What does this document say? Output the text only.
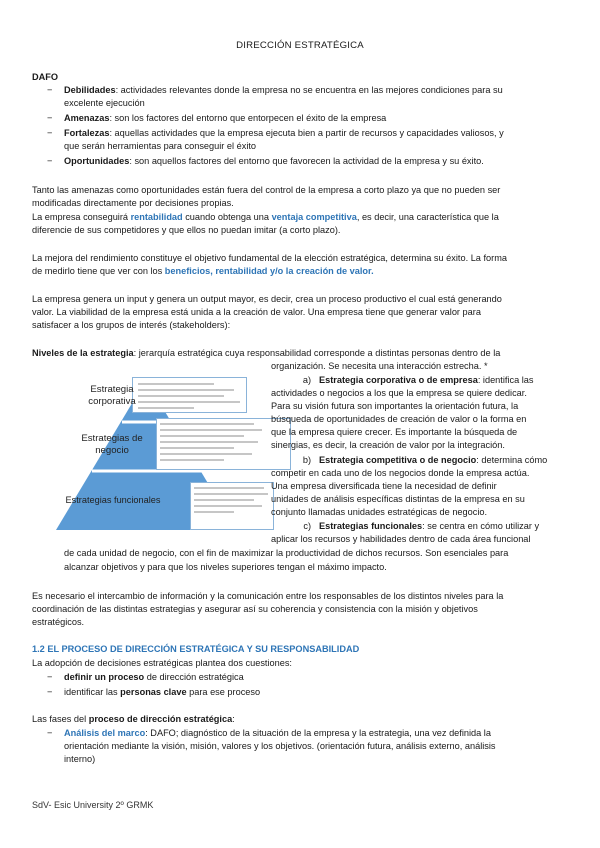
DIRECCIÓN ESTRATÉGICA
DAFO
− Debilidades: actividades relevantes donde la empresa no se encuentra en las mejores condiciones para su
excelente ejecución
− Amenazas: son los factores del entorno que entorpecen el éxito de la empresa
− Fortalezas: aquellas actividades que la empresa ejecuta bien a partir de recursos y capacidades valiosos, y
que serán herramientas para conseguir el éxito
− Oportunidades: son aquellos factores del entorno que favorecen la actividad de la empresa y su éxito.
Tanto las amenazas como oportunidades están fuera del control de la empresa a corto plazo ya que no pueden ser
modificadas directamente por decisiones propias.
La empresa conseguirá rentabilidad cuando obtenga una ventaja competitiva, es decir, una característica que la
diferencie de sus competidores y que ellos no puedan imitar (a corto plazo).
La mejora del rendimiento constituye el objetivo fundamental de la elección estratégica, determina su éxito. La forma
de medirlo tiene que ver con los beneficios, rentabilidad y/o la creación de valor.
La empresa genera un input y genera un output mayor, es decir, crea un proceso productivo el cual está generando
valor. La viabilidad de la empresa está unida a la creación de valor. Una empresa tiene que generar valor para
satisfacer a los grupos de interés (stakeholders):
Niveles de la estrategia: jerarquía estratégica cuya responsabilidad corresponde a distintas personas dentro de la
organización. Se necesita una interacción estrecha. *
Estrategia
corporativa
Estrategias de
negocio
Estrategias funcionales
a) Estrategia corporativa o de empresa: identifica las
actividades o negocios a los que la empresa se quiere dedicar.
Para su visión futura son importantes la orientación futura, la
búsqueda de oportunidades de creación de valor o la forma en
que la empresa quiere crecer. Es importante la búsqueda de
sinergias, es decir, la creación de valor por la integración.
b) Estrategia competitiva o de negocio: determina cómo
competir en cada uno de los negocios donde la empresa actúa.
Una empresa diversificada tiene la necesidad de definir
unidades de análisis específicas distintas de la empresa en su
conjunto llamadas unidades estratégicas de negocio.
c) Estrategias funcionales: se centra en cómo utilizar y
aplicar los recursos y habilidades dentro de cada área funcional
de cada unidad de negocio, con el fin de maximizar la productividad de dichos recursos. Son esenciales para
alcanzar objetivos y para que los niveles superiores tengan el máximo impacto.
Es necesario el intercambio de información y la comunicación entre los responsables de los distintos niveles para la
coordinación de las distintas estrategias y asegurar así su coherencia y consistencia con la misión y objetivos
estratégicos.
1.2 EL PROCESO DE DIRECCIÓN ESTRATÉGICA Y SU RESPONSABILIDAD
La adopción de decisiones estratégicas plantea dos cuestiones:
− definir un proceso de dirección estratégica
− identificar las personas clave para ese proceso
Las fases del proceso de dirección estratégica:
− Análisis del marco: DAFO; diagnóstico de la situación de la empresa y la estrategia, una vez definida la
orientación mediante la visión, misión, valores y los objetivos. (orientación futura, análisis externo, análisis
interno)
SdV- Esic University 2º GRMK
